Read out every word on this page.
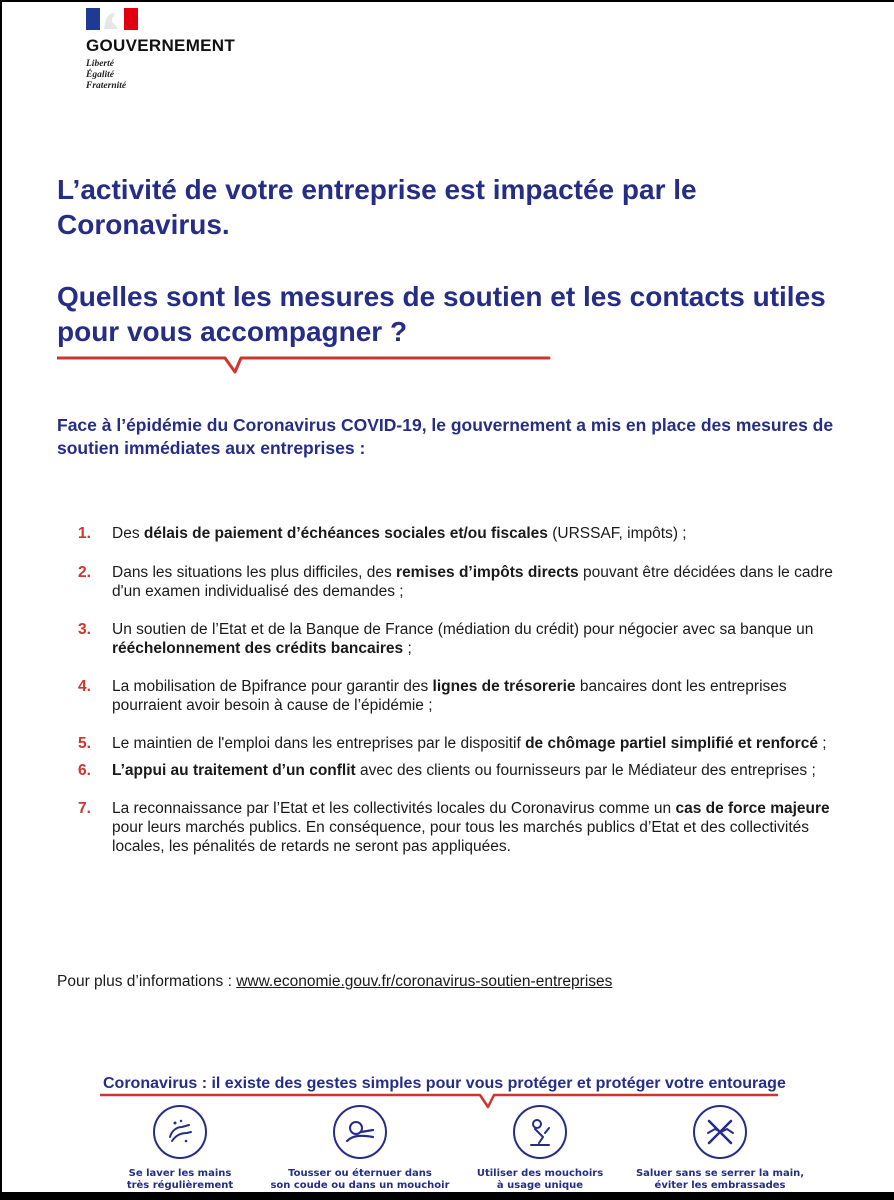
GOUVERNEMENT
Liberté
Égalité
Fraternité
L’activité de votre entreprise est impactée par le Coronavirus.
Quelles sont les mesures de soutien et les contacts utiles pour vous accompagner ?

Face à l’épidémie du Coronavirus COVID-19, le gouvernement a mis en place des mesures de soutien immédiates aux entreprises :

1.	Des délais de paiement d’échéances sociales et/ou fiscales (URSSAF, impôts) ;
2.	Dans les situations les plus difficiles, des remises d’impôts directs pouvant être décidées dans le cadre d'un examen individualisé des demandes ;
3.	Un soutien de l’Etat et de la Banque de France (médiation du crédit) pour négocier avec sa banque un rééchelonnement des crédits bancaires ;
4.	La mobilisation de Bpifrance pour garantir des lignes de trésorerie bancaires dont les entreprises pourraient avoir besoin à cause de l’épidémie ;
5.	Le maintien de l'emploi dans les entreprises par le dispositif de chômage partiel simplifié et renforcé ;
6.	L’appui au traitement d’un conflit avec des clients ou fournisseurs par le Médiateur des entreprises ;
7.	La reconnaissance par l’Etat et les collectivités locales du Coronavirus comme un cas de force majeure pour leurs marchés publics. En conséquence, pour tous les marchés publics d’Etat et des collectivités locales, les pénalités de retards ne seront pas appliquées.
Pour plus d’informations : www.economie.gouv.fr/coronavirus-soutien-entreprises
Coronavirus : il existe des gestes simples pour vous protéger et protéger votre entourage
Se laver les mains
très régulièrement
Tousser ou éternuer dans
son coude ou dans un mouchoir
Utiliser des mouchoirs
à usage unique
Saluer sans se serrer la main,
éviter les embrassades
